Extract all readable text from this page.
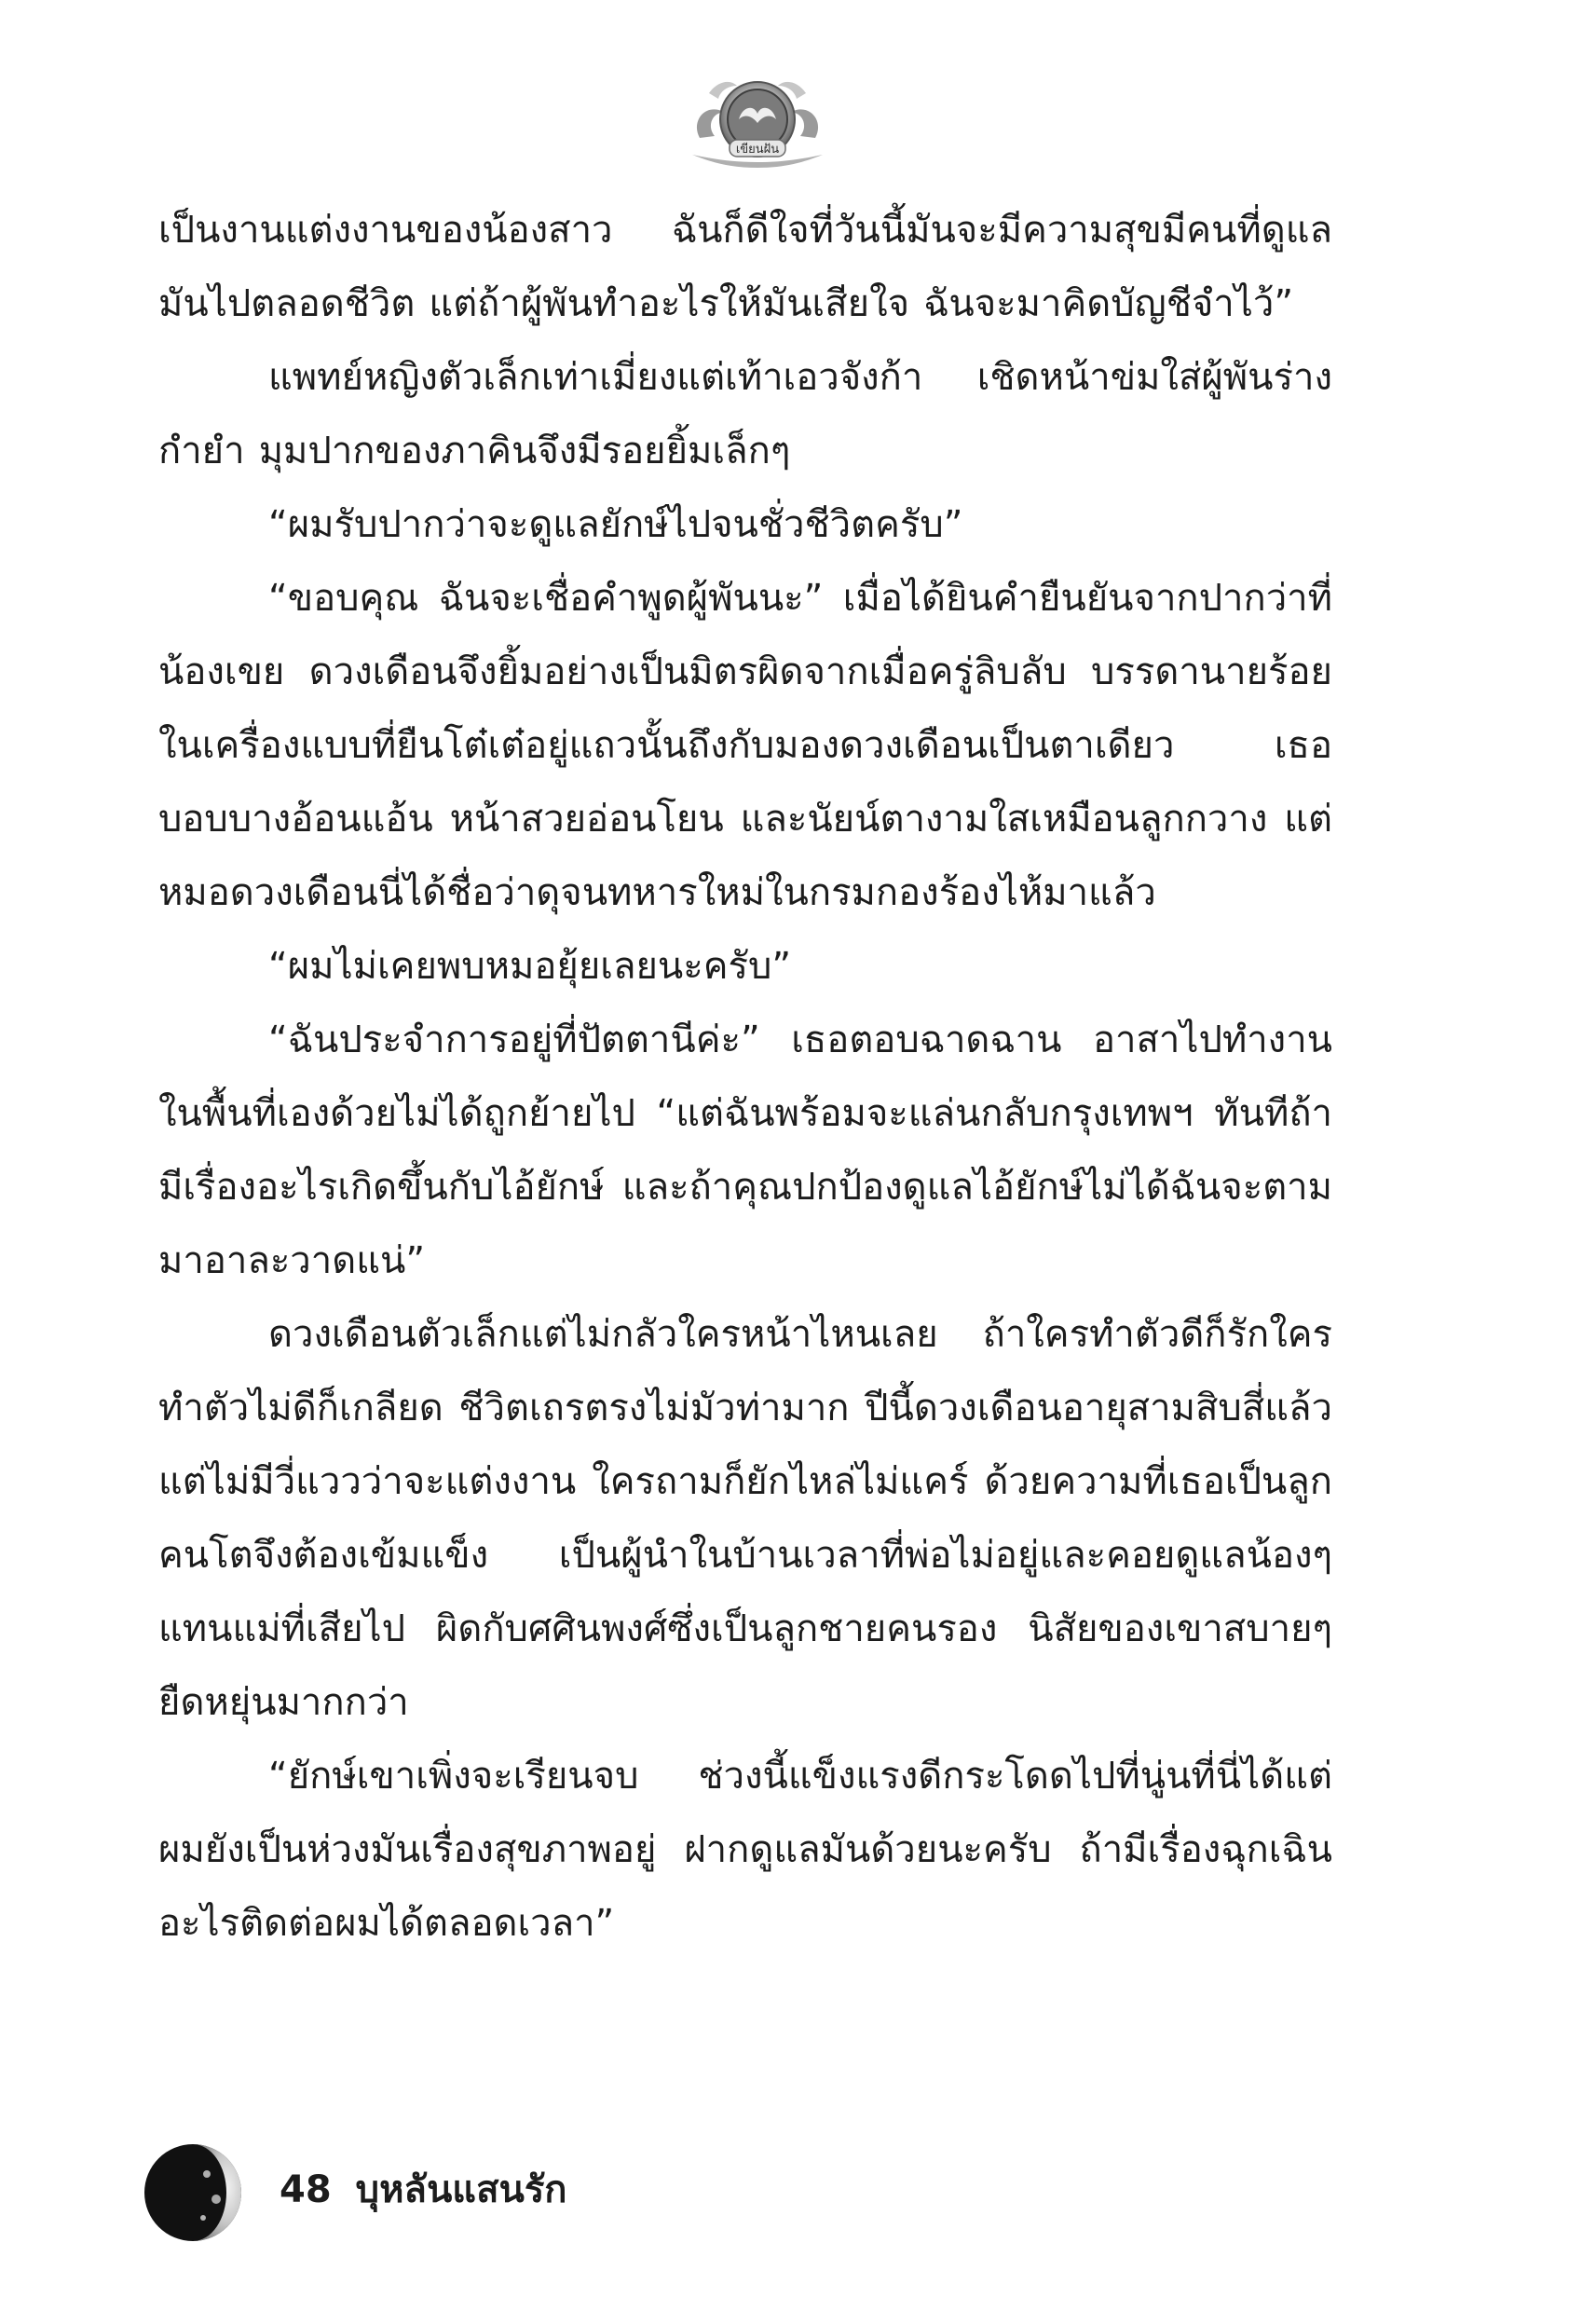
เขียนฝัน

เป็นงานแต่งงานของน้องสาว ฉันก็ดีใจที่วันนี้มันจะมีความสุขมีคนที่ดูแลมันไปตลอดชีวิต แต่ถ้าผู้พันทำอะไรให้มันเสียใจ ฉันจะมาคิดบัญชีจำไว้”

แพทย์หญิงตัวเล็กเท่าเมี่ยงแต่เท้าเอวจังก้า เชิดหน้าข่มใส่ผู้พันร่างกำยำ มุมปากของภาคินจึงมีรอยยิ้มเล็กๆ

“ผมรับปากว่าจะดูแลยักษ์ไปจนชั่วชีวิตครับ”

“ขอบคุณ ฉันจะเชื่อคำพูดผู้พันนะ” เมื่อได้ยินคำยืนยันจากปากว่าที่น้องเขย ดวงเดือนจึงยิ้มอย่างเป็นมิตรผิดจากเมื่อครู่ลิบลับ บรรดานายร้อยในเครื่องแบบที่ยืนโต๋เต๋อยู่แถวนั้นถึงกับมองดวงเดือนเป็นตาเดียว เธอบอบบางอ้อนแอ้น หน้าสวยอ่อนโยน และนัยน์ตางามใสเหมือนลูกกวาง แต่หมอดวงเดือนนี่ได้ชื่อว่าดุจนทหารใหม่ในกรมกองร้องไห้มาแล้ว

“ผมไม่เคยพบหมอยุ้ยเลยนะครับ”

“ฉันประจำการอยู่ที่ปัตตานีค่ะ” เธอตอบฉาดฉาน อาสาไปทำงานในพื้นที่เองด้วยไม่ได้ถูกย้ายไป “แต่ฉันพร้อมจะแล่นกลับกรุงเทพฯ ทันทีถ้ามีเรื่องอะไรเกิดขึ้นกับไอ้ยักษ์ และถ้าคุณปกป้องดูแลไอ้ยักษ์ไม่ได้ฉันจะตามมาอาละวาดแน่”

ดวงเดือนตัวเล็กแต่ไม่กลัวใครหน้าไหนเลย ถ้าใครทำตัวดีก็รักใครทำตัวไม่ดีก็เกลียด ชีวิตเถรตรงไม่มัวท่ามาก ปีนี้ดวงเดือนอายุสามสิบสี่แล้วแต่ไม่มีวี่แววว่าจะแต่งงาน ใครถามก็ยักไหล่ไม่แคร์ ด้วยความที่เธอเป็นลูกคนโตจึงต้องเข้มแข็ง เป็นผู้นำในบ้านเวลาที่พ่อไม่อยู่และคอยดูแลน้องๆ แทนแม่ที่เสียไป ผิดกับศศินพงศ์ซึ่งเป็นลูกชายคนรอง นิสัยของเขาสบายๆ ยืดหยุ่นมากกว่า

“ยักษ์เขาเพิ่งจะเรียนจบ ช่วงนี้แข็งแรงดีกระโดดไปที่นู่นที่นี่ได้แต่ผมยังเป็นห่วงมันเรื่องสุขภาพอยู่ ฝากดูแลมันด้วยนะครับ ถ้ามีเรื่องฉุกเฉินอะไรติดต่อผมได้ตลอดเวลา”

48 บุหลันแสนรัก
